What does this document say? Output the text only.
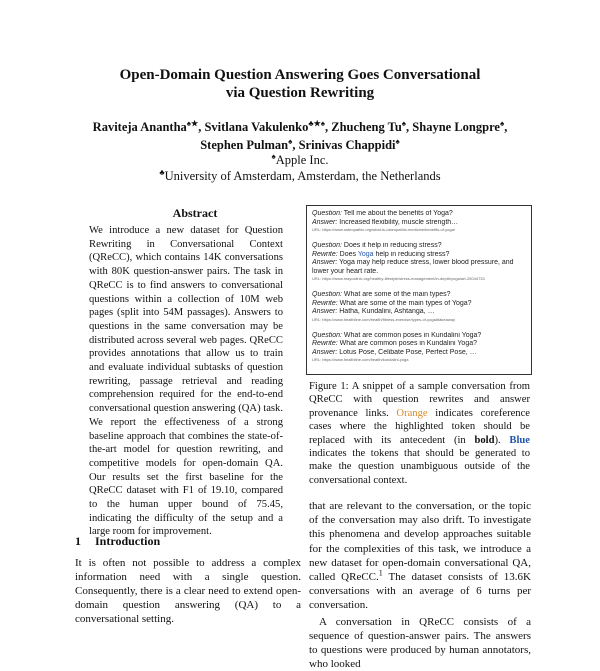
Open-Domain Question Answering Goes Conversational
via Question Rewriting
Raviteja Anantha♠★, Svitlana Vakulenko♣★♠, Zhucheng Tu♠, Shayne Longpre♠,
Stephen Pulman♠, Srinivas Chappidi♠
♠Apple Inc.
♣University of Amsterdam, Amsterdam, the Netherlands
Abstract
We introduce a new dataset for Question Rewriting in Conversational Context (QReCC), which contains 14K conversations with 80K question-answer pairs. The task in QReCC is to find answers to conversational questions within a collection of 10M web pages (split into 54M passages). Answers to questions in the same conversation may be distributed across several web pages. QReCC provides annotations that allow us to train and evaluate individual subtasks of question rewriting, passage retrieval and reading comprehension required for the end-to-end conversational question answering (QA) task. We report the effectiveness of a strong baseline approach that combines the state-of-the-art model for question rewriting, and competitive models for open-domain QA. Our results set the first baseline for the QReCC dataset with F1 of 19.10, compared to the human upper bound of 75.45, indicating the difficulty of the setup and a large room for improvement.
1 Introduction
It is often not possible to address a complex information need with a single question. Consequently, there is a clear need to extend open-domain question answering (QA) to a conversational setting.
Question: Tell me about the benefits of Yoga?
Answer: Increased flexibility, muscle strength…
URL: https://www.osteopathic.org/what-is-osteopathic-medicine/benefits-of-yoga/
Question: Does it help in reducing stress?
Rewrite: Does Yoga help in reducing stress?
Answer: Yoga may help reduce stress, lower blood pressure, and lower your heart rate.
URL: https://www.mayoclinic.org/healthy-lifestyle/stress-management/in-depth/yoga/art-20044733
Question: What are some of the main types?
Rewrite: What are some of the main types of Yoga?
Answer: Hatha, Kundalini, Ashtanga, …
URL: https://www.healthline.com/health/fitness-exercise/types-of-yoga#takeaway
Question: What are common poses in Kundalini Yoga?
Rewrite: What are common poses in Kundalini Yoga?
Answer: Lotus Pose, Celibate Pose, Perfect Pose, …
URL: https://www.healthline.com/health/kundalini-yoga
Figure 1: A snippet of a sample conversation from QReCC with question rewrites and answer provenance links. Orange indicates coreference cases where the highlighted token should be replaced with its antecedent (in bold). Blue indicates the tokens that should be generated to make the question unambiguous outside of the conversational context.

that are relevant to the conversation, or the topic of the conversation may also drift. To investigate this phenomena and develop approaches suitable for the complexities of this task, we introduce a new dataset for open-domain conversational QA, called QReCC.$^1$ The dataset consists of 13.6K conversations with an average of 6 turns per conversation.

A conversation in QReCC consists of a sequence of question-answer pairs. The answers to questions were produced by human annotators, who looked
